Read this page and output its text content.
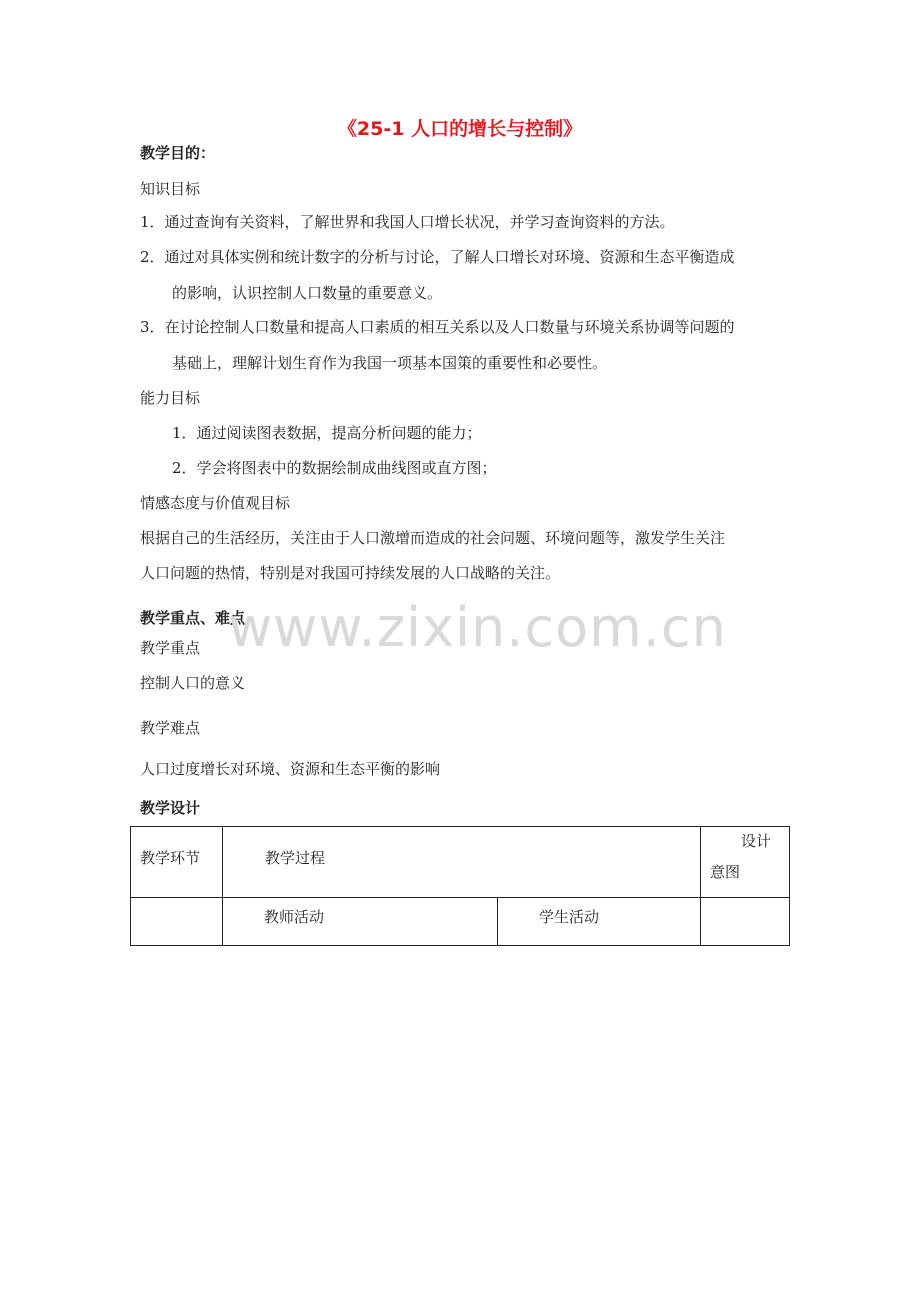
《25-1 人口的增长与控制》
教学目的：
知识目标
1．通过查询有关资料，了解世界和我国人口增长状况，并学习查询资料的方法。
2．通过对具体实例和统计数字的分析与讨论，了解人口增长对环境、资源和生态平衡造成
的影响，认识控制人口数量的重要意义。
3．在讨论控制人口数量和提高人口素质的相互关系以及人口数量与环境关系协调等问题的
基础上，理解计划生育作为我国一项基本国策的重要性和必要性。
能力目标
1．通过阅读图表数据，提高分析问题的能力；
2．学会将图表中的数据绘制成曲线图或直方图；
情感态度与价值观目标
根据自己的生活经历，关注由于人口激增而造成的社会问题、环境问题等，激发学生关注
人口问题的热情，特别是对我国可持续发展的人口战略的关注。
教学重点、难点
教学重点
控制人口的意义
教学难点
人口过度增长对环境、资源和生态平衡的影响
教学设计
www.zixin.com.cn
教学环节	教学过程		设计
意图

	教师活动	学生活动	
